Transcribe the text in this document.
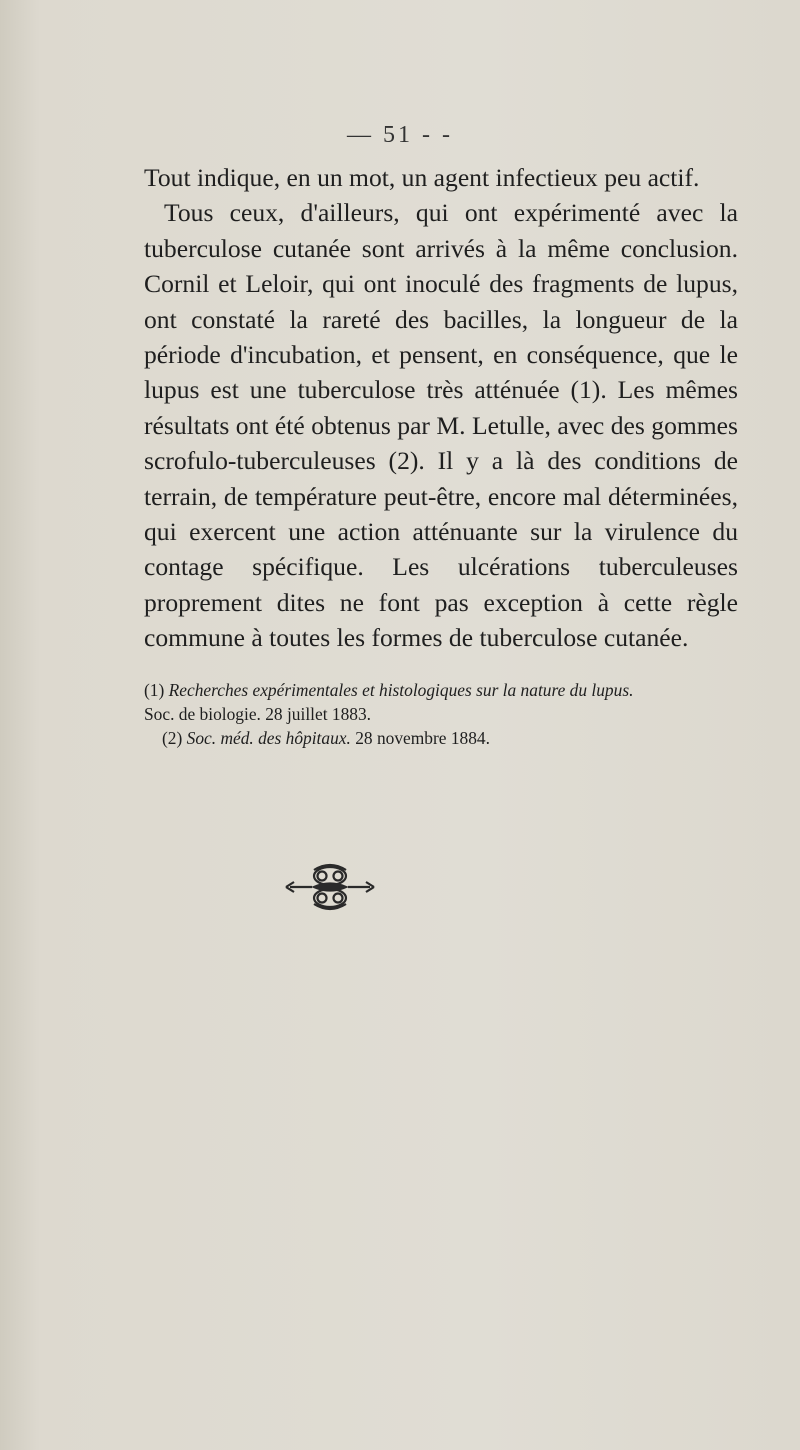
— 51 - -

Tout indique, en un mot, un agent infectieux peu actif.

Tous ceux, d'ailleurs, qui ont expérimenté avec la tuberculose cutanée sont arrivés à la même conclusion. Cornil et Leloir, qui ont inoculé des fragments de lupus, ont constaté la rareté des bacilles, la longueur de la période d'incubation, et pensent, en conséquence, que le lupus est une tuberculose très atténuée (1). Les mêmes résultats ont été obtenus par M. Letulle, avec des gommes scrofulo-tuberculeuses (2). Il y a là des conditions de terrain, de température peut-être, encore mal déterminées, qui exercent une action atténuante sur la virulence du contage spécifique. Les ulcérations tuberculeuses proprement dites ne font pas exception à cette règle commune à toutes les formes de tuberculose cutanée.

(1) Recherches expérimentales et histologiques sur la nature du lupus.
Soc. de biologie. 28 juillet 1883.

(2) Soc. méd. des hôpitaux. 28 novembre 1884.
